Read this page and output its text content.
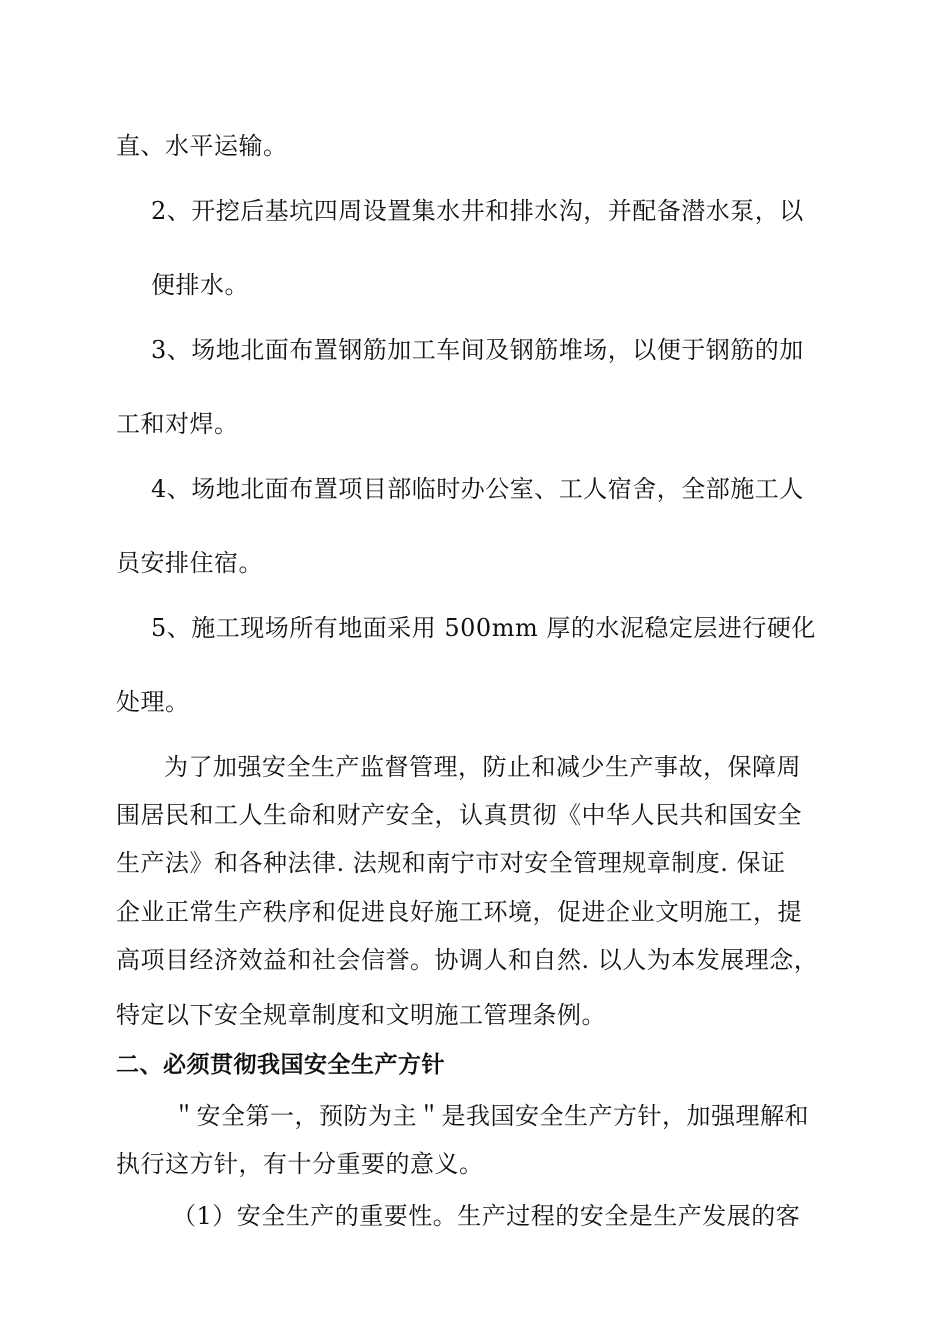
直、水平运输。
2、开挖后基坑四周设置集水井和排水沟，并配备潜水泵，以
便排水。
3、场地北面布置钢筋加工车间及钢筋堆场，以便于钢筋的加
工和对焊。
4、场地北面布置项目部临时办公室、工人宿舍，全部施工人
员安排住宿。
5、施工现场所有地面采用 500mm 厚的水泥稳定层进行硬化
处理。
为了加强安全生产监督管理，防止和减少生产事故，保障周
围居民和工人生命和财产安全，认真贯彻《中华人民共和国安全
生产法》和各种法律. 法规和南宁市对安全管理规章制度. 保证
企业正常生产秩序和促进良好施工环境，促进企业文明施工，提
高项目经济效益和社会信誉。协调人和自然. 以人为本发展理念，
特定以下安全规章制度和文明施工管理条例。
二、必须贯彻我国安全生产方针
＂安全第一，预防为主＂是我国安全生产方针，加强理解和
执行这方针，有十分重要的意义。
（1）安全生产的重要性。生产过程的安全是生产发展的客
